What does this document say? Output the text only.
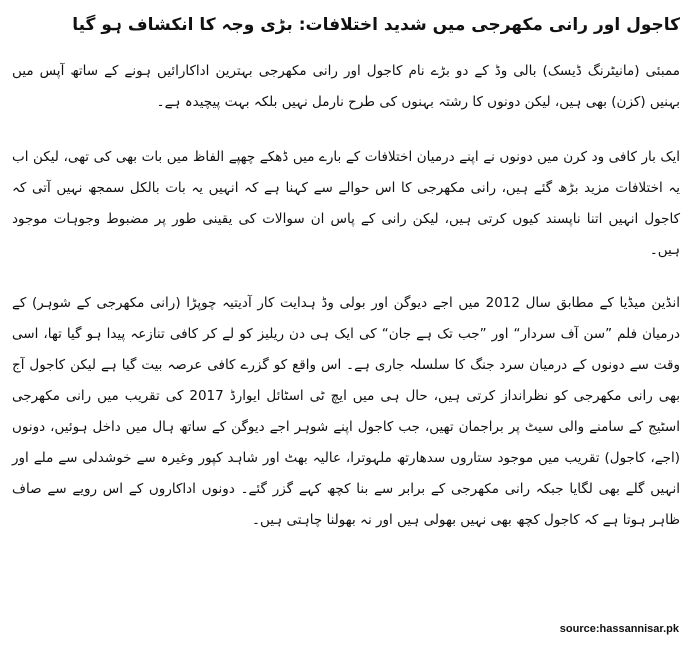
کاجول اور رانی مکھرجی میں شدید اختلافات: بڑی وجہ کا انکشاف ہو گیا

ممبئی (مانیٹرنگ ڈیسک) بالی وڈ کے دو بڑے نام کاجول اور رانی مکھرجی بہترین اداکارائیں ہونے کے ساتھ آپس میں بہنیں (کزن) بھی ہیں، لیکن دونوں کا رشتہ بہنوں کی طرح نارمل نہیں بلکہ بہت پیچیدہ ہے۔

ایک بار کافی ود کرن میں دونوں نے اپنے درمیان اختلافات کے بارے میں ڈھکے چھپے الفاظ میں بات بھی کی تھی، لیکن اب یہ اختلافات مزید بڑھ گئے ہیں، رانی مکھرجی کا اس حوالے سے کہنا ہے کہ انہیں یہ بات بالکل سمجھ نہیں آتی کہ کاجول انہیں اتنا ناپسند کیوں کرتی ہیں، لیکن رانی کے پاس ان سوالات کی یقینی طور پر مضبوط وجوہات موجود ہیں۔

انڈین میڈیا کے مطابق سال 2012 میں اجے دیوگن اور بولی وڈ ہدایت کار آدیتیہ چوپڑا (رانی مکھرجی کے شوہر) کے درمیان فلم ”سن آف سردار“ اور ”جب تک ہے جان“ کی ایک ہی دن ریلیز کو لے کر کافی تنازعہ پیدا ہو گیا تھا، اسی وقت سے دونوں کے درمیان سرد جنگ کا سلسلہ جاری ہے۔ اس واقع کو گزرے کافی عرصہ بیت گیا ہے لیکن کاجول آج بھی رانی مکھرجی کو نظرانداز کرتی ہیں، حال ہی میں ایچ ٹی اسٹائل ایوارڈ 2017 کی تقریب میں رانی مکھرجی اسٹیج کے سامنے والی سیٹ پر براجمان تھیں، جب کاجول اپنے شوہر اجے دیوگن کے ساتھ ہال میں داخل ہوئیں، دونوں (اجے، کاجول) تقریب میں موجود ستاروں سدھارتھ ملہوترا، عالیہ بھٹ اور شاہد کپور وغیرہ سے خوشدلی سے ملے اور انہیں گلے بھی لگایا جبکہ رانی مکھرجی کے برابر سے بنا کچھ کہے گزر گئے۔ دونوں اداکاروں کے اس رویے سے صاف ظاہر ہوتا ہے کہ کاجول کچھ بھی نہیں بھولی ہیں اور نہ بھولنا چاہتی ہیں۔

source:hassannisar.pk
